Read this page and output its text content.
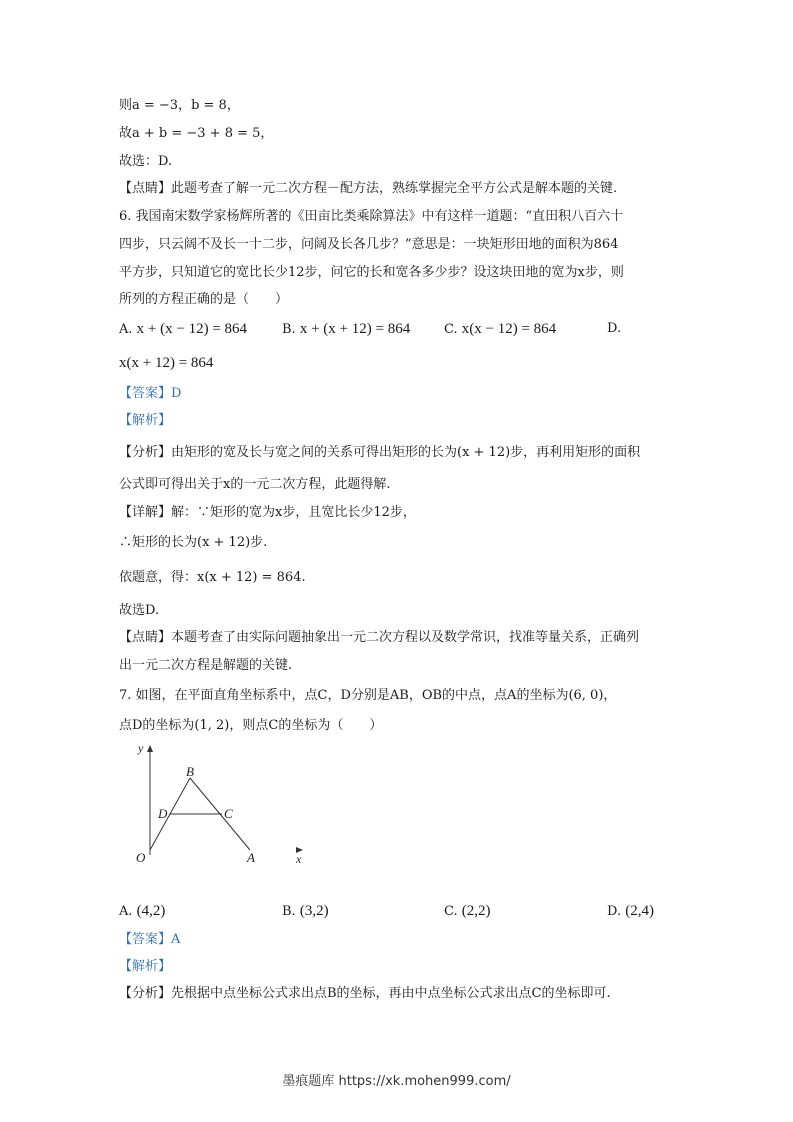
则a = −3，b = 8，
故a + b = −3 + 8 = 5，
故选：D.
【点睛】此题考查了解一元二次方程－配方法，熟练掌握完全平方公式是解本题的关键.
6. 我国南宋数学家杨辉所著的《田亩比类乘除算法》中有这样一道题：“直田积八百六十
四步，只云阔不及长一十二步，问阔及长各几步？”意思是：一块矩形田地的面积为864
平方步，只知道它的宽比长少12步，问它的长和宽各多少步？设这块田地的宽为x步，则
所列的方程正确的是（　　）
A. x + (x − 12) = 864	B. x + (x + 12) = 864	C. x(x − 12) = 864	D.
x(x + 12) = 864
【答案】D
【解析】
【分析】由矩形的宽及长与宽之间的关系可得出矩形的长为(x + 12)步，再利用矩形的面积
公式即可得出关于x的一元二次方程，此题得解.
【详解】解：∵矩形的宽为x步，且宽比长少12步，
∴矩形的长为(x + 12)步.
依题意，得：x(x + 12) = 864.
故选D.
【点睛】本题考查了由实际问题抽象出一元二次方程以及数学常识，找准等量关系，正确列
出一元二次方程是解题的关键.
7. 如图，在平面直角坐标系中，点C，D分别是AB，OB的中点，点A的坐标为(6, 0)，
点D的坐标为(1, 2)，则点C的坐标为（　　）
y
B
D	C
O	A	x
A. (4,2)	B. (3,2)	C. (2,2)	D. (2,4)
【答案】A
【解析】
【分析】先根据中点坐标公式求出点B的坐标，再由中点坐标公式求出点C的坐标即可.
墨痕题库 https://xk.mohen999.com/
